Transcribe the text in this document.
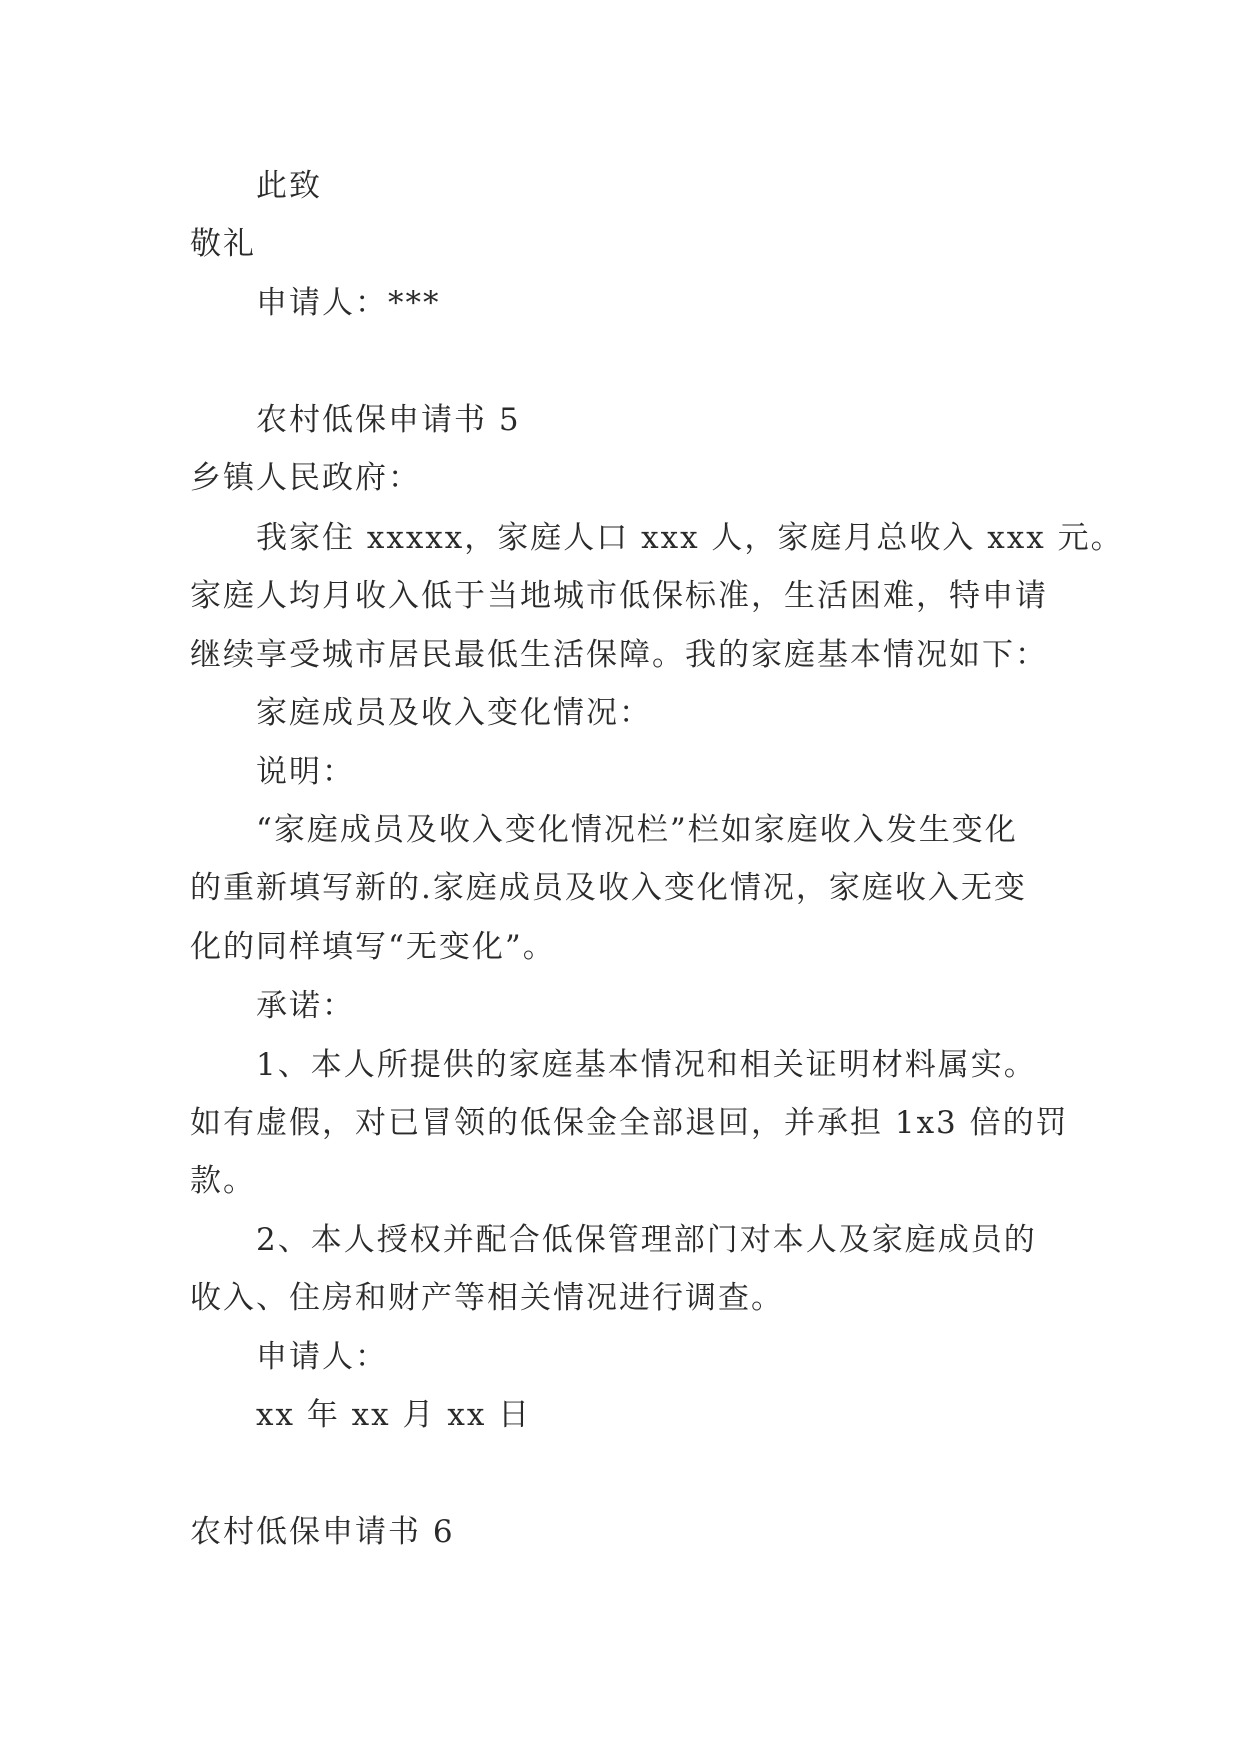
此致
敬礼
申请人：***
农村低保申请书 5
乡镇人民政府：
我家住 xxxxx，家庭人口 xxx 人，家庭月总收入 xxx 元。
家庭人均月收入低于当地城市低保标准，生活困难，特申请
继续享受城市居民最低生活保障。我的家庭基本情况如下：
家庭成员及收入变化情况：
说明：
“家庭成员及收入变化情况栏”栏如家庭收入发生变化
的重新填写新的.家庭成员及收入变化情况，家庭收入无变
化的同样填写“无变化”。
承诺：
1、本人所提供的家庭基本情况和相关证明材料属实。
如有虚假，对已冒领的低保金全部退回，并承担 1x3 倍的罚
款。
2、本人授权并配合低保管理部门对本人及家庭成员的
收入、住房和财产等相关情况进行调查。
申请人：
xx 年 xx 月 xx 日
农村低保申请书 6
